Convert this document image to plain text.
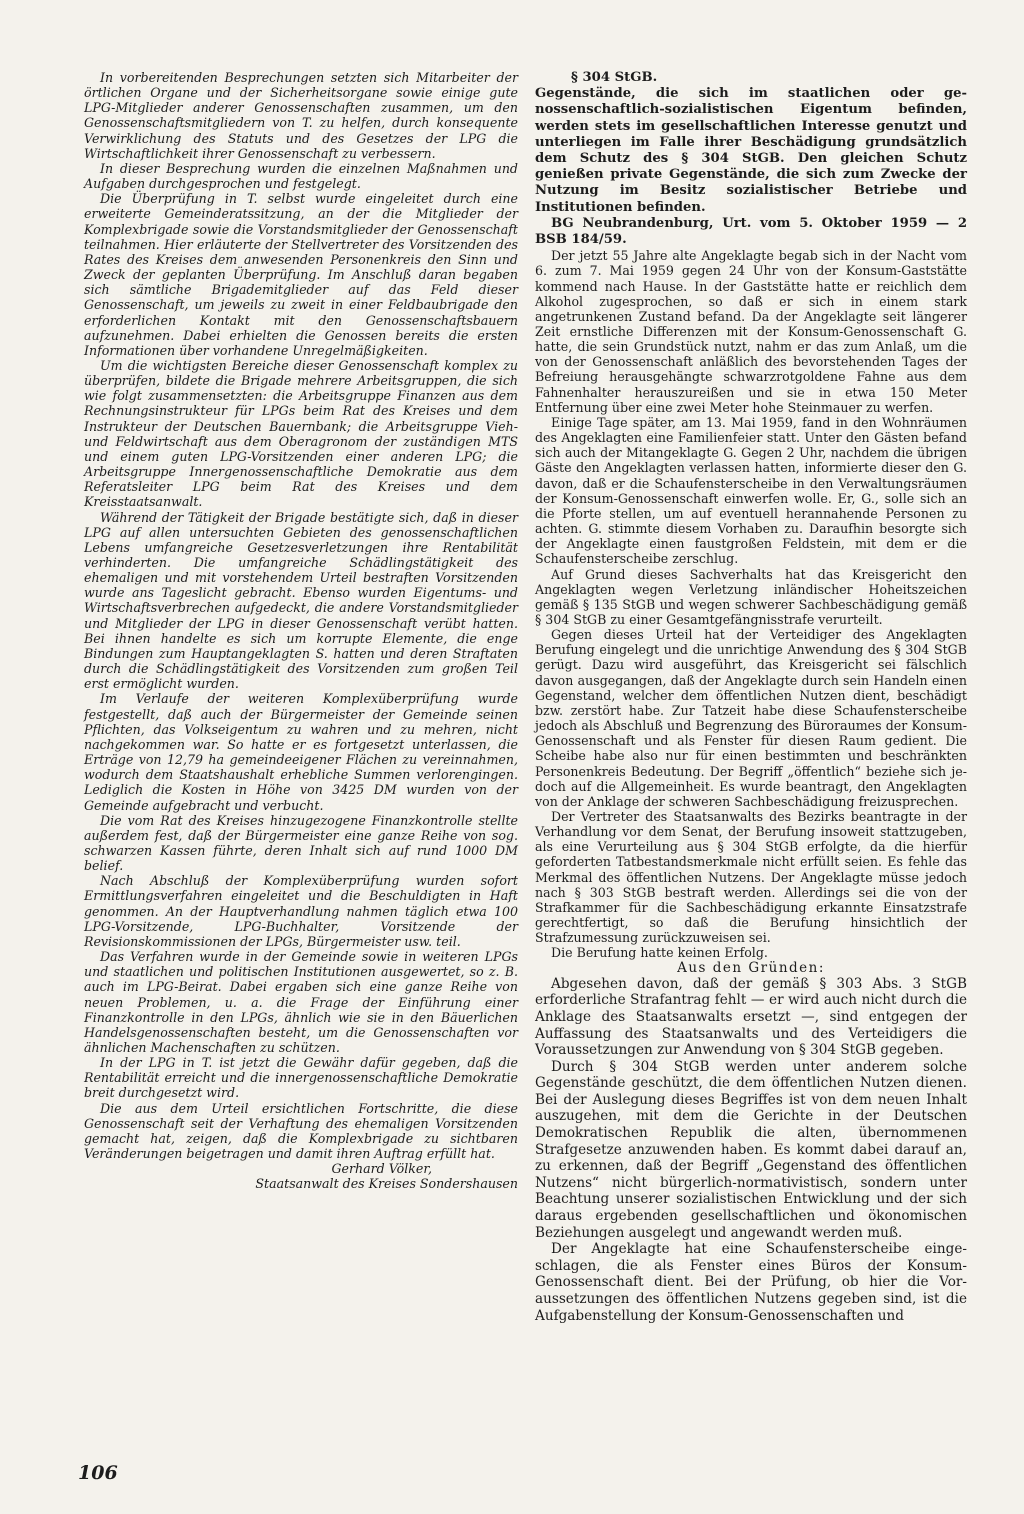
In vorbereitenden Besprechungen setzten sich Mitarbeiter der örtlichen Organe und der Sicherheitsorgane sowie einige gute LPG-Mitglieder anderer Genossenschaften zusammen, um den Genossenschaftsmitgliedern von T. zu helfen, durch konsequente Verwirklichung des Statuts und des Gesetzes der LPG die Wirtschaftlichkeit ihrer Genossenschaft zu verbessern.

In dieser Besprechung wurden die einzelnen Maßnahmen und Aufgaben durchgesprochen und festgelegt.

Die Überprüfung in T. selbst wurde eingeleitet durch eine erweiterte Gemeinderatssitzung, an der die Mitglieder der Komplexbrigade sowie die Vorstandsmitglieder der Genossenschaft teilnahmen. Hier erläuterte der Stellvertreter des Vorsitzenden des Rates des Kreises dem anwesenden Personenkreis den Sinn und Zweck der geplanten Überprüfung. Im Anschluß daran begaben sich sämtliche Brigademitglieder auf das Feld dieser Genossenschaft, um jeweils zu zweit in einer Feldbaubrigade den erforderlichen Kontakt mit den Genossenschaftsbauern aufzunehmen. Dabei erhielten die Genossen bereits die ersten Informationen über vorhandene Unregelmäßigkeiten.

Um die wichtigsten Bereiche dieser Genossenschaft komplex zu überprüfen, bildete die Brigade mehrere Arbeitsgruppen, die sich wie folgt zusammensetzten: die Arbeitsgruppe Finanzen aus dem Rechnungsinstrukteur für LPGs beim Rat des Kreises und dem Instrukteur der Deutschen Bauernbank; die Arbeitsgruppe Vieh- und Feldwirtschaft aus dem Oberagronom der zuständigen MTS und einem guten LPG-Vorsitzenden einer anderen LPG; die Arbeitsgruppe Innergenossenschaftliche Demokratie aus dem Referatsleiter LPG beim Rat des Kreises und dem Kreisstaatsanwalt.

Während der Tätigkeit der Brigade bestätigte sich, daß in dieser LPG auf allen untersuchten Gebieten des genossenschaftlichen Lebens umfangreiche Gesetzesverletzungen ihre Rentabilität verhinderten. Die umfangreiche Schädlingstätigkeit des ehemaligen und mit vorstehendem Urteil bestraften Vorsitzenden wurde ans Tageslicht gebracht. Ebenso wurden Eigentums- und Wirtschaftsverbrechen aufgedeckt, die andere Vorstandsmitglieder und Mitglieder der LPG in dieser Genossenschaft verübt hatten. Bei ihnen handelte es sich um korrupte Elemente, die enge Bindungen zum Hauptangeklagten S. hatten und deren Straftaten durch die Schädlingstätigkeit des Vorsitzenden zum großen Teil erst ermöglicht wurden.

Im Verlaufe der weiteren Komplexüberprüfung wurde festgestellt, daß auch der Bürgermeister der Gemeinde seinen Pflichten, das Volkseigentum zu wahren und zu mehren, nicht nachgekommen war. So hatte er es fortgesetzt unterlassen, die Erträge von 12,79 ha gemeindeeigener Flächen zu vereinnahmen, wodurch dem Staatshaushalt erhebliche Summen verlorengingen. Lediglich die Kosten in Höhe von 3425 DM wurden von der Gemeinde aufgebracht und verbucht.

Die vom Rat des Kreises hinzugezogene Finanzkontrolle stellte außerdem fest, daß der Bürgermeister eine ganze Reihe von sog. schwarzen Kassen führte, deren Inhalt sich auf rund 1000 DM belief.

Nach Abschluß der Komplexüberprüfung wurden sofort Ermittlungsverfahren eingeleitet und die Beschuldigten in Haft genommen. An der Hauptverhandlung nahmen täglich etwa 100 LPG-Vorsitzende, LPG-Buchhalter, Vorsitzende der Revisionskommissionen der LPGs, Bürgermeister usw. teil.

Das Verfahren wurde in der Gemeinde sowie in weiteren LPGs und staatlichen und politischen Institutionen ausgewertet, so z. B. auch im LPG-Beirat. Dabei ergaben sich eine ganze Reihe von neuen Problemen, u. a. die Frage der Einführung einer Finanzkontrolle in den LPGs, ähnlich wie sie in den Bäuerlichen Handelsgenossenschaften besteht, um die Genossenschaften vor ähnlichen Machenschaften zu schützen.

In der LPG in T. ist jetzt die Gewähr dafür gegeben, daß die Rentabilität erreicht und die innergenossenschaftliche Demokratie breit durchgesetzt wird.

Die aus dem Urteil ersichtlichen Fortschritte, die diese Genossenschaft seit der Verhaftung des ehemaligen Vorsitzenden gemacht hat, zeigen, daß die Komplexbrigade zu sichtbaren Veränderungen beigetragen und damit ihren Auftrag erfüllt hat.

Gerhard Völker,

Staatsanwalt des Kreises Sondershausen

§ 304 StGB.

Gegenstände, die sich im staatlichen oder genossenschaftlich-sozialistischen Eigentum befinden, werden stets im gesellschaftlichen Interesse genutzt und unterliegen im Falle ihrer Beschädigung grundsätzlich dem Schutz des § 304 StGB. Den gleichen Schutz genießen private Gegenstände, die sich zum Zwecke der Nutzung im Besitz sozialistischer Betriebe und Institutionen befinden.

BG Neubrandenburg, Urt. vom 5. Oktober 1959 — 2 BSB 184/59.

Der jetzt 55 Jahre alte Angeklagte begab sich in der Nacht vom 6. zum 7. Mai 1959 gegen 24 Uhr von der Konsum-Gaststätte kommend nach Hause. In der Gaststätte hatte er reichlich dem Alkohol zugesprochen, so daß er sich in einem stark angetrunkenen Zustand befand. Da der Angeklagte seit längerer Zeit ernstliche Differenzen mit der Konsum-Genossenschaft G. hatte, die sein Grundstück nutzt, nahm er das zum Anlaß, um die von der Genossenschaft anläßlich des bevorstehenden Tages der Befreiung herausgehängte schwarzrotgoldene Fahne aus dem Fahnenhalter herauszureißen und sie in etwa 150 Meter Entfernung über eine zwei Meter hohe Steinmauer zu werfen.

Einige Tage später, am 13. Mai 1959, fand in den Wohnräumen des Angeklagten eine Familienfeier statt. Unter den Gästen befand sich auch der Mitangeklagte G. Gegen 2 Uhr, nachdem die übrigen Gäste den Angeklagten verlassen hatten, informierte dieser den G. davon, daß er die Schaufensterscheibe in den Verwaltungsräumen der Konsum-Genossenschaft einwerfen wolle. Er, G., solle sich an die Pforte stellen, um auf eventuell herannahende Personen zu achten. G. stimmte diesem Vorhaben zu. Daraufhin besorgte sich der Angeklagte einen faustgroßen Feldstein, mit dem er die Schaufensterscheibe zerschlug.

Auf Grund dieses Sachverhalts hat das Kreisgericht den Angeklagten wegen Verletzung inländischer Hoheitszeichen gemäß § 135 StGB und wegen schwerer Sachbeschädigung gemäß § 304 StGB zu einer Gesamtgefängnisstrafe verurteilt.

Gegen dieses Urteil hat der Verteidiger des Angeklagten Berufung eingelegt und die unrichtige Anwendung des § 304 StGB gerügt. Dazu wird ausgeführt, das Kreisgericht sei fälschlich davon ausgegangen, daß der Angeklagte durch sein Handeln einen Gegenstand, welcher dem öffentlichen Nutzen dient, beschädigt bzw. zerstört habe. Zur Tatzeit habe diese Schaufensterscheibe jedoch als Abschluß und Begrenzung des Büroraumes der Konsum-Genossenschaft und als Fenster für diesen Raum gedient. Die Scheibe habe also nur für einen bestimmten und beschränkten Personenkreis Bedeutung. Der Begriff „öffentlich“ beziehe sich jedoch auf die Allgemeinheit. Es wurde beantragt, den Angeklagten von der Anklage der schweren Sachbeschädigung freizusprechen.

Der Vertreter des Staatsanwalts des Bezirks beantragte in der Verhandlung vor dem Senat, der Berufung insoweit stattzugeben, als eine Verurteilung aus § 304 StGB erfolgte, da die hierfür geforderten Tatbestandsmerkmale nicht erfüllt seien. Es fehle das Merkmal des öffentlichen Nutzens. Der Angeklagte müsse jedoch nach § 303 StGB bestraft werden. Allerdings sei die von der Strafkammer für die Sachbeschädigung erkannte Einsatzstrafe gerechtfertigt, so daß die Berufung hinsichtlich der Strafzumessung zurückzuweisen sei.

Die Berufung hatte keinen Erfolg.

Aus den Gründen:

Abgesehen davon, daß der gemäß § 303 Abs. 3 StGB erforderliche Strafantrag fehlt — er wird auch nicht durch die Anklage des Staatsanwalts ersetzt —, sind entgegen der Auffassung des Staatsanwalts und des Verteidigers die Voraussetzungen zur Anwendung von § 304 StGB gegeben.

Durch § 304 StGB werden unter anderem solche Gegenstände geschützt, die dem öffentlichen Nutzen dienen. Bei der Auslegung dieses Begriffes ist von dem neuen Inhalt auszugehen, mit dem die Gerichte in der Deutschen Demokratischen Republik die alten, übernommenen Strafgesetze anzuwenden haben. Es kommt dabei darauf an, zu erkennen, daß der Begriff „Gegenstand des öffentlichen Nutzens“ nicht bürgerlich-normativistisch, sondern unter Beachtung unserer sozialistischen Entwicklung und der sich daraus ergebenden gesellschaftlichen und ökonomischen Beziehungen ausgelegt und angewandt werden muß.

Der Angeklagte hat eine Schaufensterscheibe eingeschlagen, die als Fenster eines Büros der Konsum-Genossenschaft dient. Bei der Prüfung, ob hier die Voraussetzungen des öffentlichen Nutzens gegeben sind, ist die Aufgabenstellung der Konsum-Genossenschaften und

106
